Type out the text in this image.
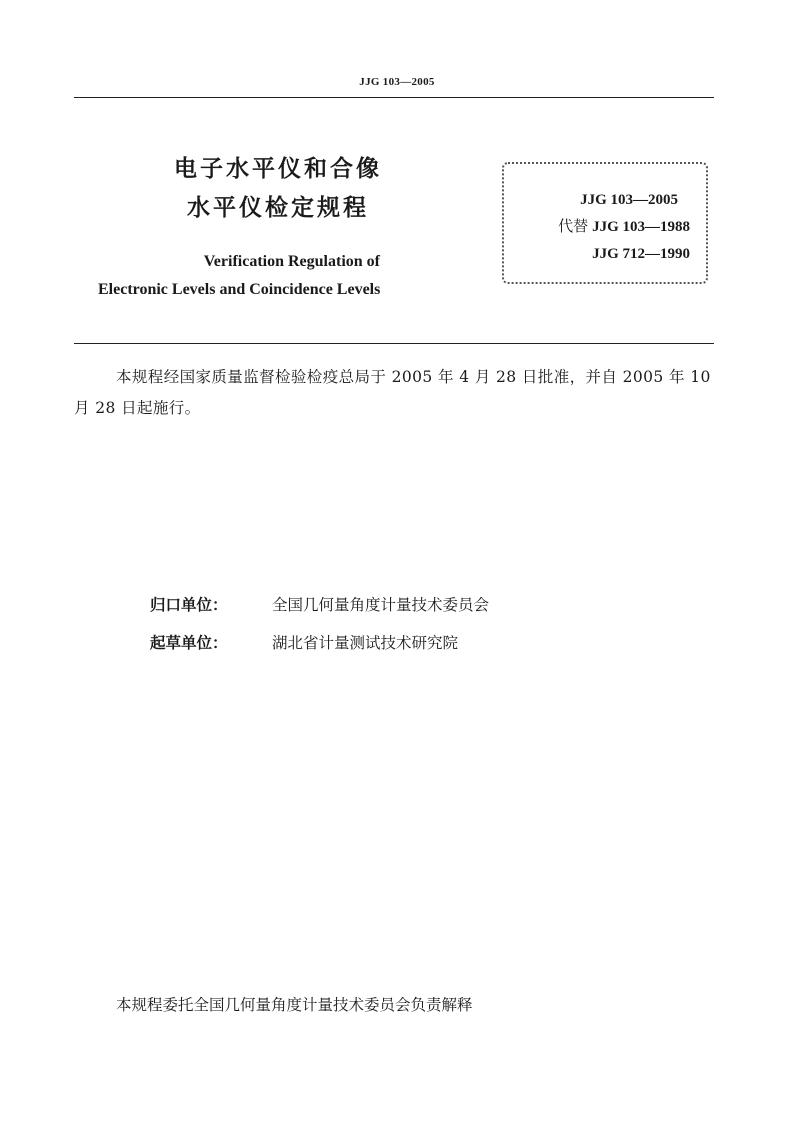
JJG 103—2005
电子水平仪和合像
水平仪检定规程
Verification Regulation of
Electronic Levels and Coincidence Levels
JJG 103—2005
代替 JJG 103—1988
JJG 712—1990
本规程经国家质量监督检验检疫总局于 2005 年 4 月 28 日批准，并自 2005 年 10 月 28 日起施行。
归口单位：	全国几何量角度计量技术委员会
起草单位：	湖北省计量测试技术研究院
本规程委托全国几何量角度计量技术委员会负责解释
